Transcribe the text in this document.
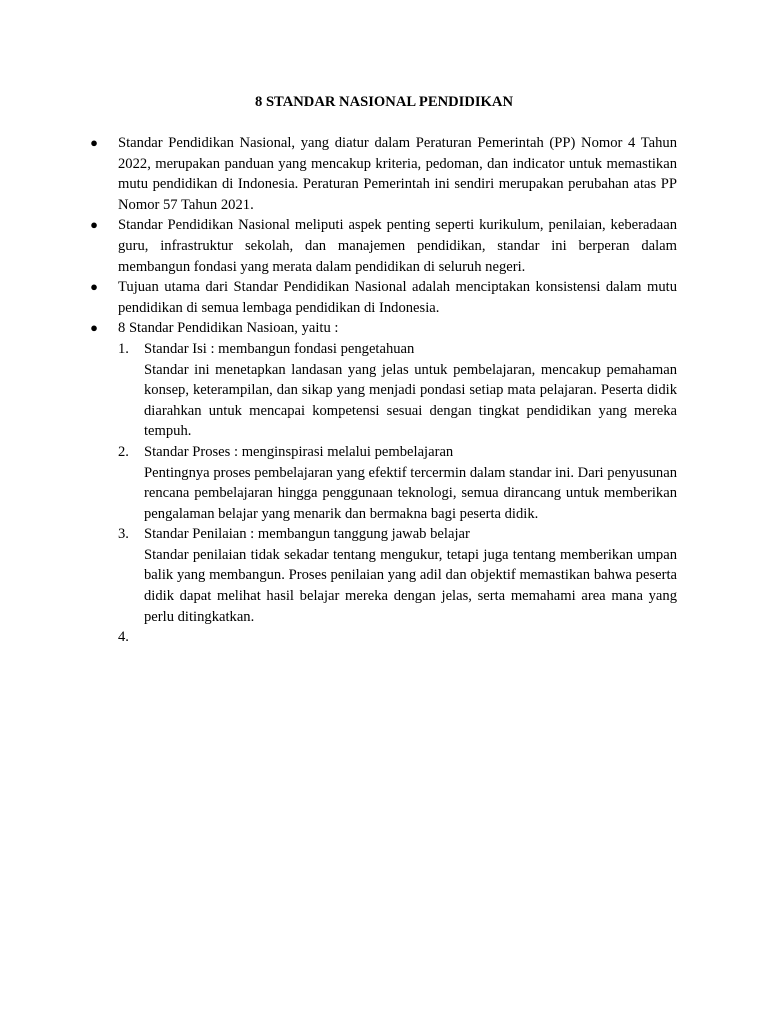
8 STANDAR NASIONAL PENDIDIKAN
● Standar Pendidikan Nasional, yang diatur dalam Peraturan Pemerintah (PP) Nomor 4 Tahun 2022, merupakan panduan yang mencakup kriteria, pedoman, dan indicator untuk memastikan mutu pendidikan di Indonesia. Peraturan Pemerintah ini sendiri merupakan perubahan atas PP Nomor 57 Tahun 2021.
● Standar Pendidikan Nasional meliputi aspek penting seperti kurikulum, penilaian, keberadaan guru, infrastruktur sekolah, dan manajemen pendidikan, standar ini berperan dalam membangun fondasi yang merata dalam pendidikan di seluruh negeri.
● Tujuan utama dari Standar Pendidikan Nasional adalah menciptakan konsistensi dalam mutu pendidikan di semua lembaga pendidikan di Indonesia.
● 8 Standar Pendidikan Nasioan, yaitu :
1.	Standar Isi : membangun fondasi pengetahuan
Standar ini menetapkan landasan yang jelas untuk pembelajaran, mencakup pemahaman konsep, keterampilan, dan sikap yang menjadi pondasi setiap mata pelajaran. Peserta didik diarahkan untuk mencapai kompetensi sesuai dengan tingkat pendidikan yang mereka tempuh.
2.	Standar Proses : menginspirasi melalui pembelajaran
Pentingnya proses pembelajaran yang efektif tercermin dalam standar ini. Dari penyusunan rencana pembelajaran hingga penggunaan teknologi, semua dirancang untuk memberikan pengalaman belajar yang menarik dan bermakna bagi peserta didik.
3.	Standar Penilaian : membangun tanggung jawab belajar
Standar penilaian tidak sekadar tentang mengukur, tetapi juga tentang memberikan umpan balik yang membangun. Proses penilaian yang adil dan objektif memastikan bahwa peserta didik dapat melihat hasil belajar mereka dengan jelas, serta memahami area mana yang perlu ditingkatkan.
4.
